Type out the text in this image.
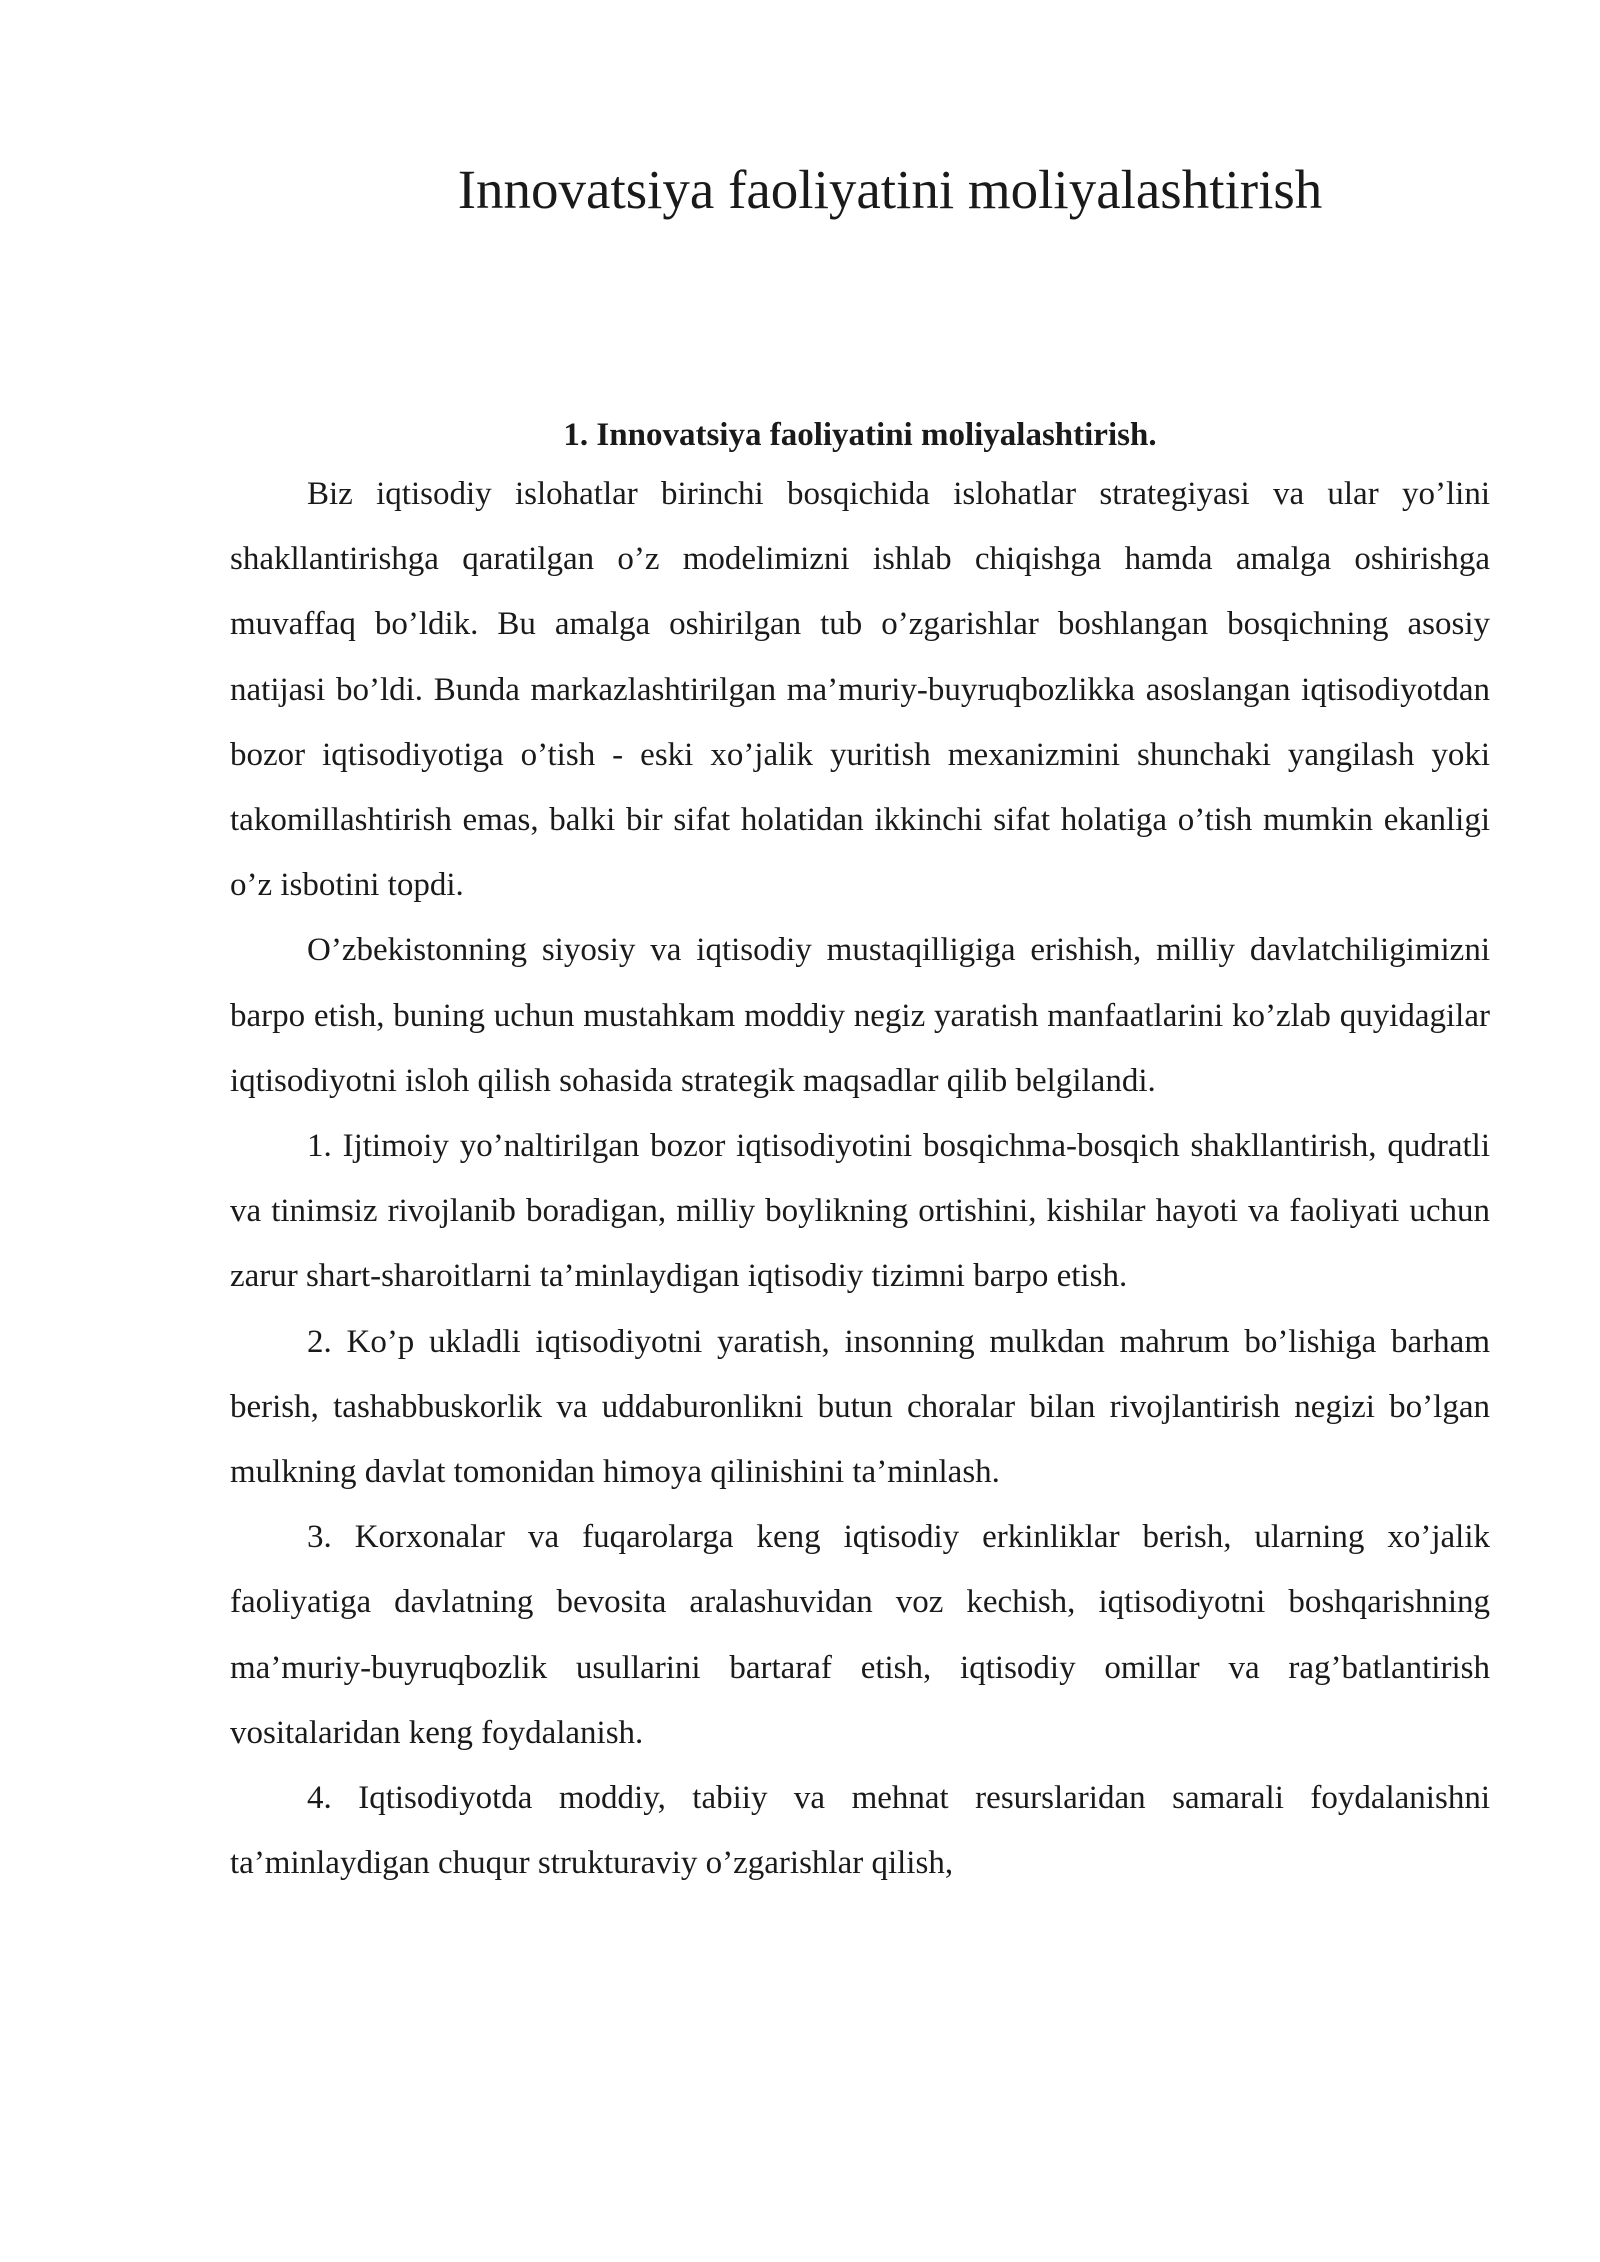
Innovatsiya faoliyatini moliyalashtirish
1. Innovatsiya faoliyatini moliyalashtirish.

Biz iqtisodiy islohatlar birinchi bosqichida islohatlar strategiyasi va ular yo’lini shakllantirishga qaratilgan o’z modelimizni ishlab chiqishga hamda amalga oshirishga muvaffaq bo’ldik. Bu amalga oshirilgan tub o’zgarishlar boshlangan bosqichning asosiy natijasi bo’ldi. Bunda markazlashtirilgan ma’muriy-buyruqbozlikka asoslangan iqtisodiyotdan bozor iqtisodiyotiga o’tish - eski xo’jalik yuritish mexanizmini shunchaki yangilash yoki takomillashtirish emas, balki bir sifat holatidan ikkinchi sifat holatiga o’tish mumkin ekanligi o’z isbotini topdi.

O’zbekistonning siyosiy va iqtisodiy mustaqilligiga erishish, milliy davlatchiligimizni barpo etish, buning uchun mustahkam moddiy negiz yaratish manfaatlarini ko’zlab quyidagilar iqtisodiyotni isloh qilish sohasida strategik maqsadlar qilib belgilandi.

1. Ijtimoiy yo’naltirilgan bozor iqtisodiyotini bosqichma-bosqich shakllantirish, qudratli va tinimsiz rivojlanib boradigan, milliy boylikning ortishini, kishilar hayoti va faoliyati uchun zarur shart-sharoitlarni ta’minlaydigan iqtisodiy tizimni barpo etish.

2. Ko’p ukladli iqtisodiyotni yaratish, insonning mulkdan mahrum bo’lishiga barham berish, tashabbuskorlik va uddaburonlikni butun choralar bilan rivojlantirish negizi bo’lgan mulkning davlat tomonidan himoya qilinishini ta’minlash.

3. Korxonalar va fuqarolarga keng iqtisodiy erkinliklar berish, ularning xo’jalik faoliyatiga davlatning bevosita aralashuvidan voz kechish, iqtisodiyotni boshqarishning ma’muriy-buyruqbozlik usullarini bartaraf etish, iqtisodiy omillar va rag’batlantirish vositalaridan keng foydalanish.

4. Iqtisodiyotda moddiy, tabiiy va mehnat resurslaridan samarali foydalanishni ta’minlaydigan chuqur strukturaviy o’zgarishlar qilish,
